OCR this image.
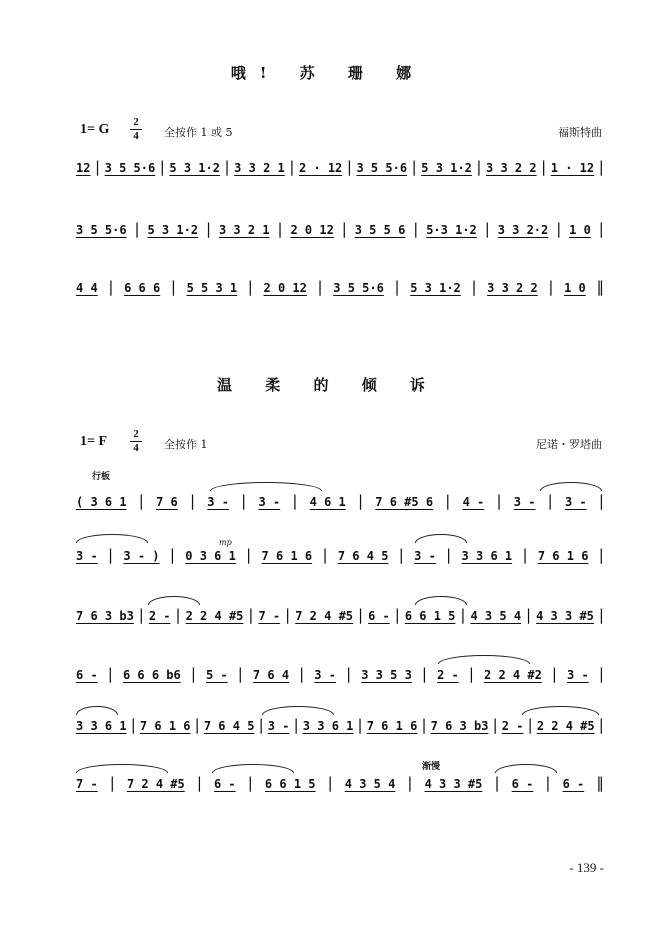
哦! 苏 珊 娜
1= G 2
4 全按作 1 或 5	福斯特曲
12 | 3 5 5·6 | 5 3 1·2 | 3 3 2 1 | 2 · 12 | 3 5 5·6 | 5 3 1·2 | 3 3 2 2 | 1 · 12 |
3 5 5·6 | 5 3 1·2 | 3 3 2 1 | 2 0 12 | 3 5 5 6 | 5·3 1·2 | 3 3 2·2 | 1 0 |
4 4 | 6 6 6 | 5 5 3 1 | 2 0 12 | 3 5 5·6 | 5 3 1·2 | 3 3 2 2 | 1 0 ‖
温 柔 的 倾 诉
1= F 2
4 全按作 1	尼诺・罗塔曲
行板
mp
渐慢
( 3 6 1 | 7 6 | 3 - | 3 - | 4 6 1 | 7 6 #5 6 | 4 - | 3 - | 3 - |
3 - | 3 - ) | 0 3 6 1 | 7 6 1 6 | 7 6 4 5 | 3 - | 3 3 6 1 | 7 6 1 6 |
7 6 3 b3 | 2 - | 2 2 4 #5 | 7 - | 7 2 4 #5 | 6 - | 6 6 1 5 | 4 3 5 4 | 4 3 3 #5 |
6 - | 6 6 6 b6 | 5 - | 7 6 4 | 3 - | 3 3 5 3 | 2 - | 2 2 4 #2 | 3 - |
3 3 6 1 | 7 6 1 6 | 7 6 4 5 | 3 - | 3 3 6 1 | 7 6 1 6 | 7 6 3 b3 | 2 - | 2 2 4 #5 |
7 - | 7 2 4 #5 | 6 - | 6 6 1 5 | 4 3 5 4 | 4 3 3 #5 | 6 - | 6 - ‖
- 139 -
